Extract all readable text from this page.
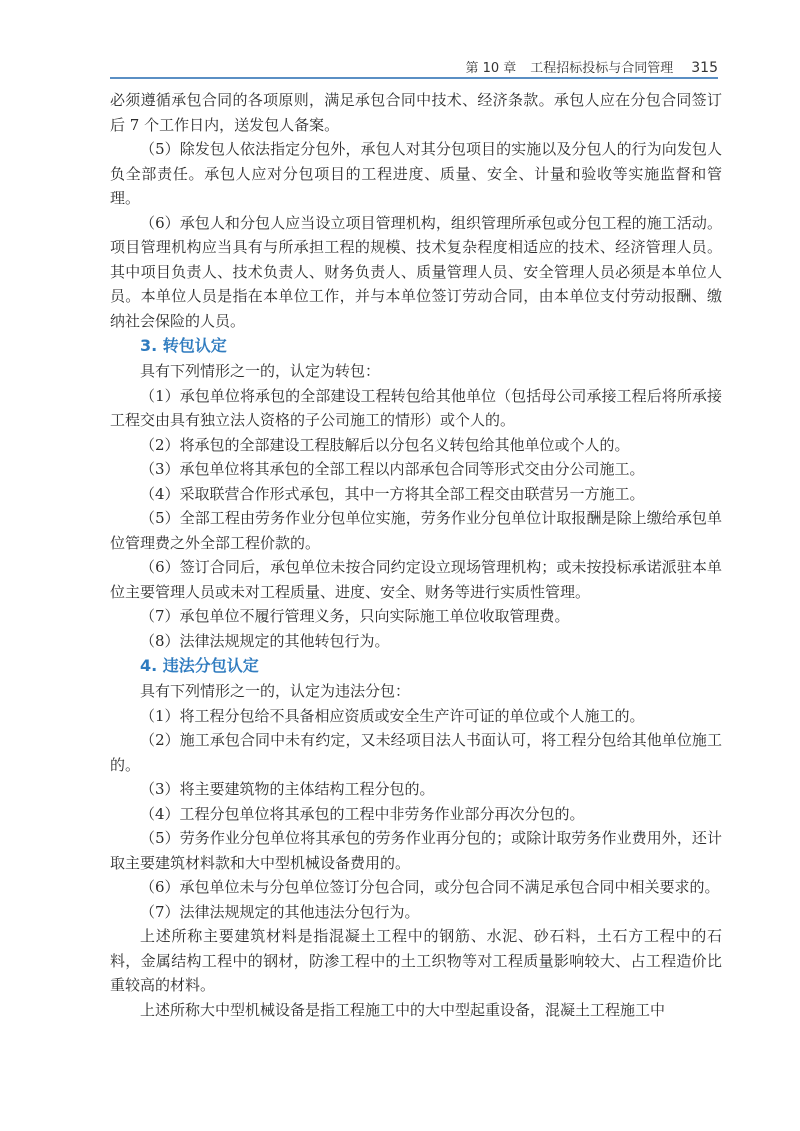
第 10 章 工程招标投标与合同管理 315

必须遵循承包合同的各项原则，满足承包合同中技术、经济条款。承包人应在分包合同签订后 7 个工作日内，送发包人备案。

（5）除发包人依法指定分包外，承包人对其分包项目的实施以及分包人的行为向发包人负全部责任。承包人应对分包项目的工程进度、质量、安全、计量和验收等实施监督和管理。

（6）承包人和分包人应当设立项目管理机构，组织管理所承包或分包工程的施工活动。项目管理机构应当具有与所承担工程的规模、技术复杂程度相适应的技术、经济管理人员。其中项目负责人、技术负责人、财务负责人、质量管理人员、安全管理人员必须是本单位人员。本单位人员是指在本单位工作，并与本单位签订劳动合同，由本单位支付劳动报酬、缴纳社会保险的人员。

3. 转包认定

具有下列情形之一的，认定为转包：

（1）承包单位将承包的全部建设工程转包给其他单位（包括母公司承接工程后将所承接工程交由具有独立法人资格的子公司施工的情形）或个人的。

（2）将承包的全部建设工程肢解后以分包名义转包给其他单位或个人的。

（3）承包单位将其承包的全部工程以内部承包合同等形式交由分公司施工。

（4）采取联营合作形式承包，其中一方将其全部工程交由联营另一方施工。

（5）全部工程由劳务作业分包单位实施，劳务作业分包单位计取报酬是除上缴给承包单位管理费之外全部工程价款的。

（6）签订合同后，承包单位未按合同约定设立现场管理机构；或未按投标承诺派驻本单位主要管理人员或未对工程质量、进度、安全、财务等进行实质性管理。

（7）承包单位不履行管理义务，只向实际施工单位收取管理费。

（8）法律法规规定的其他转包行为。

4. 违法分包认定

具有下列情形之一的，认定为违法分包：

（1）将工程分包给不具备相应资质或安全生产许可证的单位或个人施工的。

（2）施工承包合同中未有约定，又未经项目法人书面认可，将工程分包给其他单位施工的。

（3）将主要建筑物的主体结构工程分包的。

（4）工程分包单位将其承包的工程中非劳务作业部分再次分包的。

（5）劳务作业分包单位将其承包的劳务作业再分包的；或除计取劳务作业费用外，还计取主要建筑材料款和大中型机械设备费用的。

（6）承包单位未与分包单位签订分包合同，或分包合同不满足承包合同中相关要求的。

（7）法律法规规定的其他违法分包行为。

上述所称主要建筑材料是指混凝土工程中的钢筋、水泥、砂石料，土石方工程中的石料，金属结构工程中的钢材，防渗工程中的土工织物等对工程质量影响较大、占工程造价比重较高的材料。

上述所称大中型机械设备是指工程施工中的大中型起重设备，混凝土工程施工中
